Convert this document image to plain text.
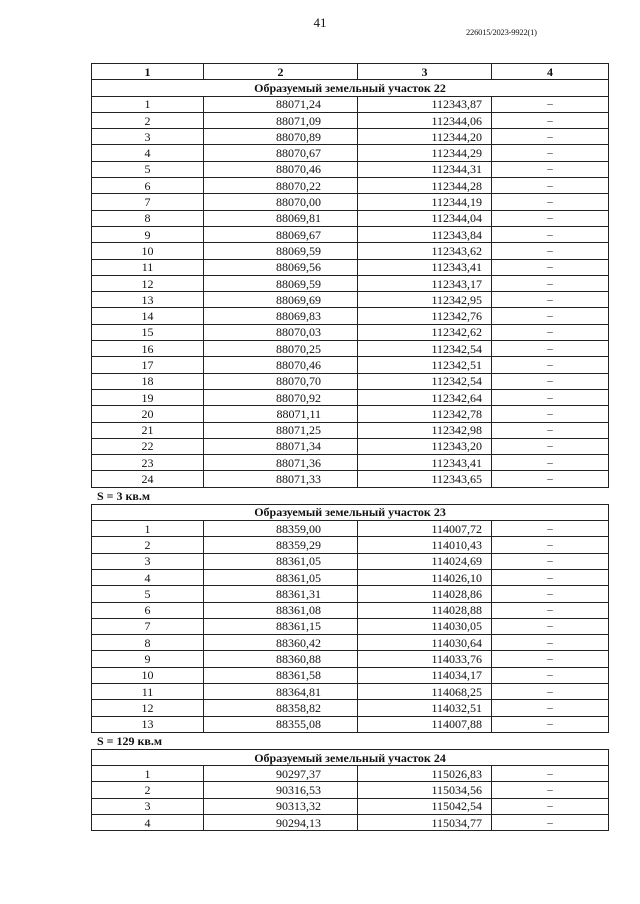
41
226015/2023-9922(1)
1	2	3	4
Образуемый земельный участок 22			
1	88071,24	112343,87	–
2	88071,09	112344,06	–
3	88070,89	112344,20	–
4	88070,67	112344,29	–
5	88070,46	112344,31	–
6	88070,22	112344,28	–
7	88070,00	112344,19	–
8	88069,81	112344,04	–
9	88069,67	112343,84	–
10	88069,59	112343,62	–
11	88069,56	112343,41	–
12	88069,59	112343,17	–
13	88069,69	112342,95	–
14	88069,83	112342,76	–
15	88070,03	112342,62	–
16	88070,25	112342,54	–
17	88070,46	112342,51	–
18	88070,70	112342,54	–
19	88070,92	112342,64	–
20	88071,11	112342,78	–
21	88071,25	112342,98	–
22	88071,34	112343,20	–
23	88071,36	112343,41	–
24	88071,33	112343,65	–
S = 3 кв.м
Образуемый земельный участок 23			
1	88359,00	114007,72	–
2	88359,29	114010,43	–
3	88361,05	114024,69	–
4	88361,05	114026,10	–
5	88361,31	114028,86	–
6	88361,08	114028,88	–
7	88361,15	114030,05	–
8	88360,42	114030,64	–
9	88360,88	114033,76	–
10	88361,58	114034,17	–
11	88364,81	114068,25	–
12	88358,82	114032,51	–
13	88355,08	114007,88	–
S = 129 кв.м
Образуемый земельный участок 24			
1	90297,37	115026,83	–
2	90316,53	115034,56	–
3	90313,32	115042,54	–
4	90294,13	115034,77	–
